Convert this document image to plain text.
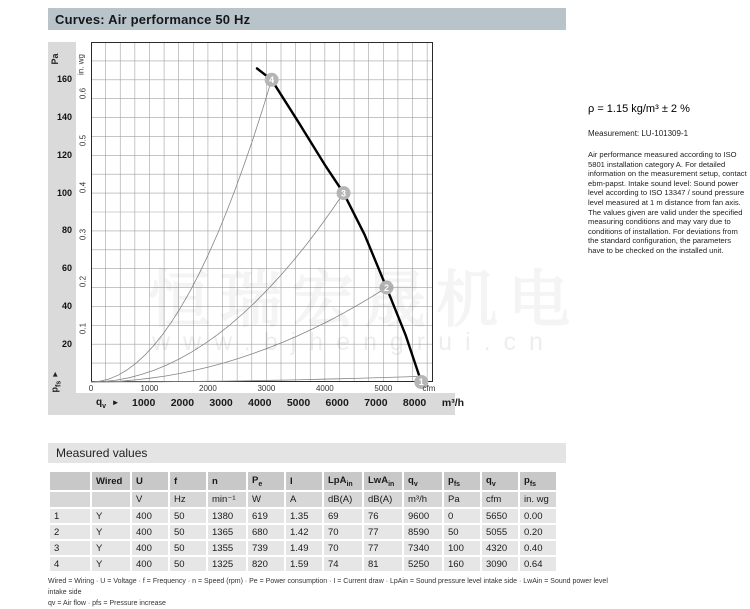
Curves: Air performance 50 Hz
Pa in. wg
$p_{fs}$ ►
1
2
3
4
20
40
60
80
100
120
140
160
0.1
0.2
0.3
0.4
0.5
0.6
0	1000	2000	3000	4000	5000
1000	2000	3000	4000	5000	6000	7000	8000
$q_v$ ►	m³/h
cfm
www.bjhengrui.cn
ρ = 1.15 kg/m³ ± 2 %
Measurement: LU-101309-1
Air performance measured according to ISO 5801 installation category A. For detailed information on the measurement setup, contact ebm-papst. Intake sound level: Sound power level according to ISO 13347 / sound pressure level measured at 1 m distance from fan axis. The values given are valid under the specified measuring conditions and may vary due to conditions of installation. For deviations from the standard configuration, the parameters have to be checked on the installed unit.
Measured values
	Wired	U	f	n	$P_e$	I	LpA$_{in}$	LwA$_{in}$	$q_v$	$p_{fs}$	$q_v$	$p_{fs}$
		V	Hz	min⁻¹	W	A	dB(A)	dB(A)	m³/h	Pa	cfm	in. wg
1	Y	400	50	1380	619	1.35	69	76	9600	0	5650	0.00
2	Y	400	50	1365	680	1.42	70	77	8590	50	5055	0.20
3	Y	400	50	1355	739	1.49	70	77	7340	100	4320	0.40
4	Y	400	50	1325	820	1.59	74	81	5250	160	3090	0.64
Wired = Wiring · U = Voltage · f = Frequency · n = Speed (rpm) · Pe = Power consumption · I = Current draw · LpAin = Sound pressure level intake side · LwAin = Sound power level intake side
qv = Air flow · pfs = Pressure increase
